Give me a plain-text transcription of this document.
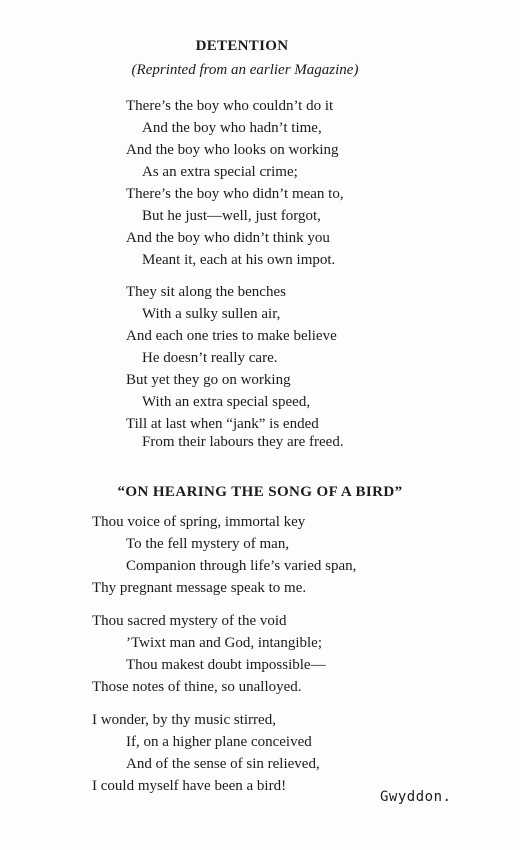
DETENTION
(Reprinted from an earlier Magazine)
There’s the boy who couldn’t do it
And the boy who hadn’t time,
And the boy who looks on working
As an extra special crime;
There’s the boy who didn’t mean to,
But he just—well, just forgot,
And the boy who didn’t think you
Meant it, each at his own impot.
They sit along the benches
With a sulky sullen air,
And each one tries to make believe
He doesn’t really care.
But yet they go on working
With an extra special speed,
Till at last when “jank” is ended
From their labours they are freed.
“ON HEARING THE SONG OF A BIRD”
Thou voice of spring, immortal key
To the fell mystery of man,
Companion through life’s varied span,
Thy pregnant message speak to me.
Thou sacred mystery of the void
’Twixt man and God, intangible;
Thou makest doubt impossible—
Those notes of thine, so unalloyed.
I wonder, by thy music stirred,
If, on a higher plane conceived
And of the sense of sin relieved,
I could myself have been a bird!
Gwyddon.
